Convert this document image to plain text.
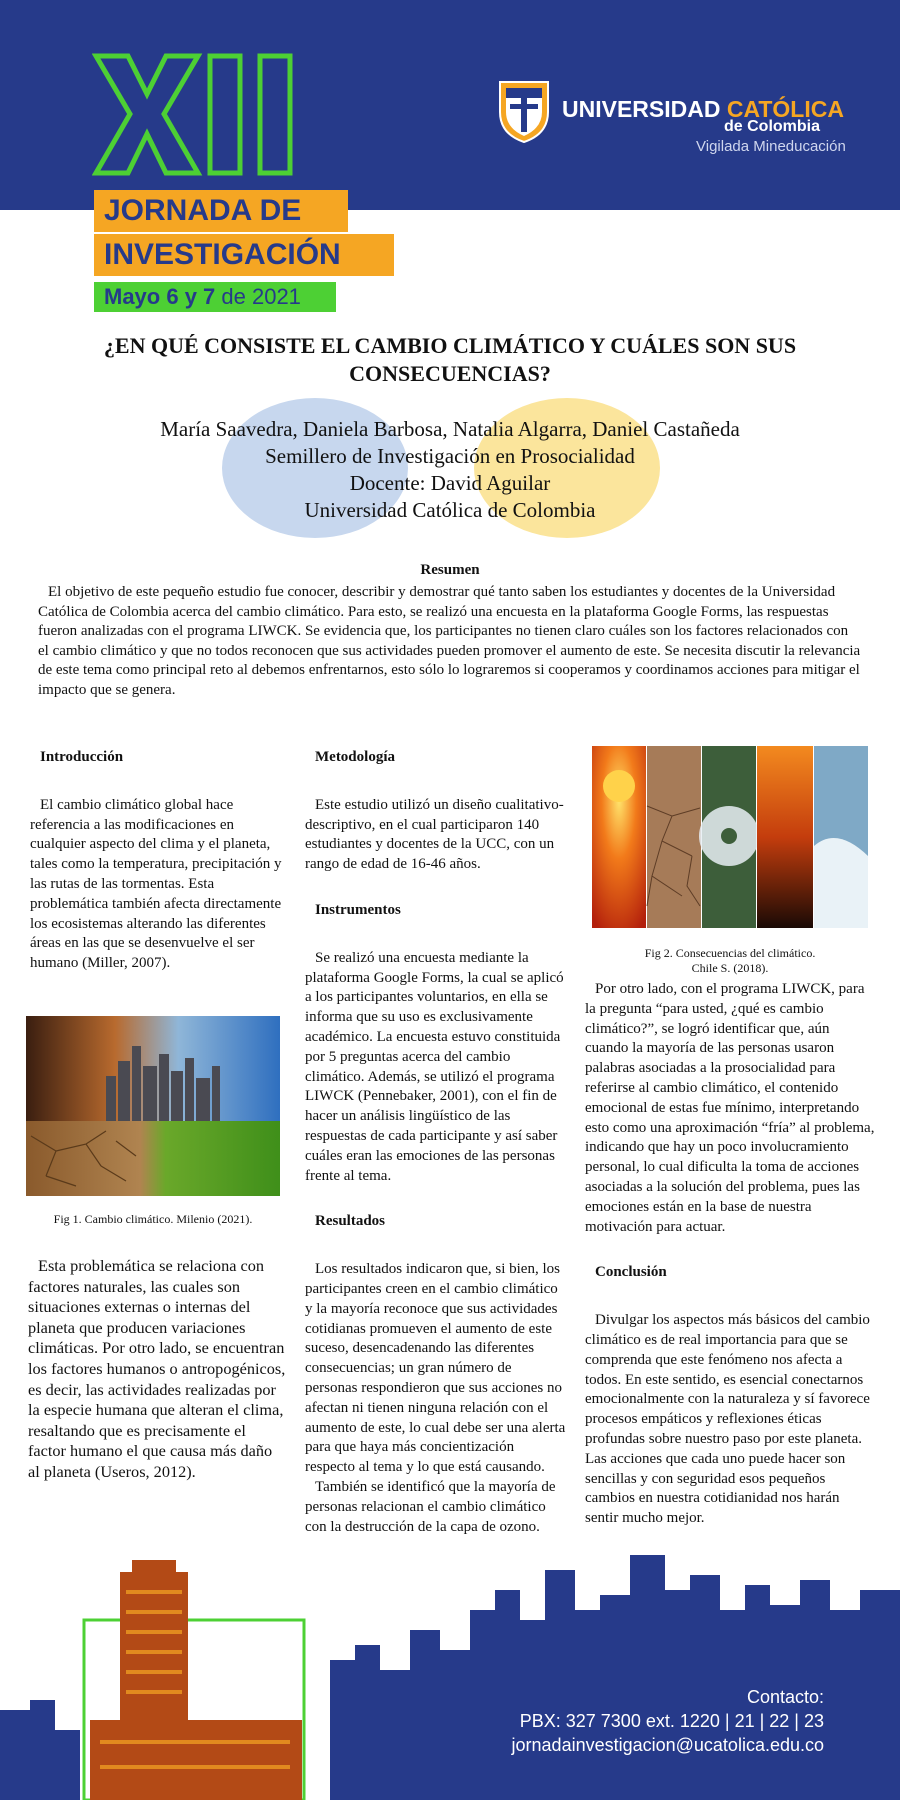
JORNADA DE
INVESTIGACIÓN
Mayo 6 y 7 de 2021
UNIVERSIDAD CATÓLICA
de Colombia
Vigilada Mineducación
¿EN QUÉ CONSISTE EL CAMBIO CLIMÁTICO Y CUÁLES SON SUS CONSECUENCIAS?
María Saavedra, Daniela Barbosa, Natalia Algarra, Daniel Castañeda
Semillero de Investigación en Prosocialidad
Docente: David Aguilar
Universidad Católica de Colombia
Resumen

El objetivo de este pequeño estudio fue conocer, describir y demostrar qué tanto saben los estudiantes y docentes de la Universidad Católica de Colombia acerca del cambio climático. Para esto, se realizó una encuesta en la plataforma Google Forms, las respuestas fueron analizadas con el programa LIWCK. Se evidencia que, los participantes no tienen claro cuáles son los factores relacionados con el cambio climático y que no todos reconocen que sus actividades pueden promover el aumento de este. Se necesita discutir la relevancia de este tema como principal reto al debemos enfrentarnos, esto sólo lo lograremos si cooperamos y coordinamos acciones para mitigar el impacto que se genera.

Introducción

El cambio climático global hace referencia a las modificaciones en cualquier aspecto del clima y el planeta, tales como la temperatura, precipitación y las rutas de las tormentas. Esta problemática también afecta directamente los ecosistemas alterando las diferentes áreas en las que se desenvuelve el ser humano (Miller, 2007).

Fig 1. Cambio climático. Milenio (2021).

Esta problemática se relaciona con factores naturales, las cuales son situaciones externas o internas del planeta que producen variaciones climáticas. Por otro lado, se encuentran los factores humanos o antropogénicos, es decir, las actividades realizadas por la especie humana que alteran el clima, resaltando que es precisamente el factor humano el que causa más daño al planeta (Useros, 2012).

Metodología

Este estudio utilizó un diseño cualitativo-descriptivo, en el cual participaron 140 estudiantes y docentes de la UCC, con un rango de edad de 16-46 años.

Instrumentos

Se realizó una encuesta mediante la plataforma Google Forms, la cual se aplicó a los participantes voluntarios, en ella se informa que su uso es exclusivamente académico. La encuesta estuvo constituida por 5 preguntas acerca del cambio climático. Además, se utilizó el programa LIWCK (Pennebaker, 2001), con el fin de hacer un análisis lingüístico de las respuestas de cada participante y así saber cuáles eran las emociones de las personas frente al tema.

Resultados

Los resultados indicaron que, si bien, los participantes creen en el cambio climático y la mayoría reconoce que sus actividades cotidianas promueven el aumento de este suceso, desencadenando las diferentes consecuencias; un gran número de personas respondieron que sus acciones no afectan ni tienen ninguna relación con el aumento de este, lo cual debe ser una alerta para que haya más concientización respecto al tema y lo que está causando.

También se identificó que la mayoría de personas relacionan el cambio climático con la destrucción de la capa de ozono.

Fig 2. Consecuencias del climático.
Chile S. (2018).

Por otro lado, con el programa LIWCK, para la pregunta “para usted, ¿qué es cambio climático?”, se logró identificar que, aún cuando la mayoría de las personas usaron palabras asociadas a la prosocialidad para referirse al cambio climático, el contenido emocional de estas fue mínimo, interpretando esto como una aproximación “fría” al problema, indicando que hay un poco involucramiento personal, lo cual dificulta la toma de acciones asociadas a la solución del problema, pues las emociones están en la base de nuestra motivación para actuar.

Conclusión

Divulgar los aspectos más básicos del cambio climático es de real importancia para que se comprenda que este fenómeno nos afecta a todos. En este sentido, es esencial conectarnos emocionalmente con la naturaleza y sí favorece procesos empáticos y reflexiones éticas profundas sobre nuestro paso por este planeta. Las acciones que cada uno puede hacer son sencillas y con seguridad esos pequeños cambios en nuestra cotidianidad nos harán sentir mucho mejor.

Contacto:
PBX: 327 7300 ext. 1220 | 21 | 22 | 23
jornadainvestigacion@ucatolica.edu.co
